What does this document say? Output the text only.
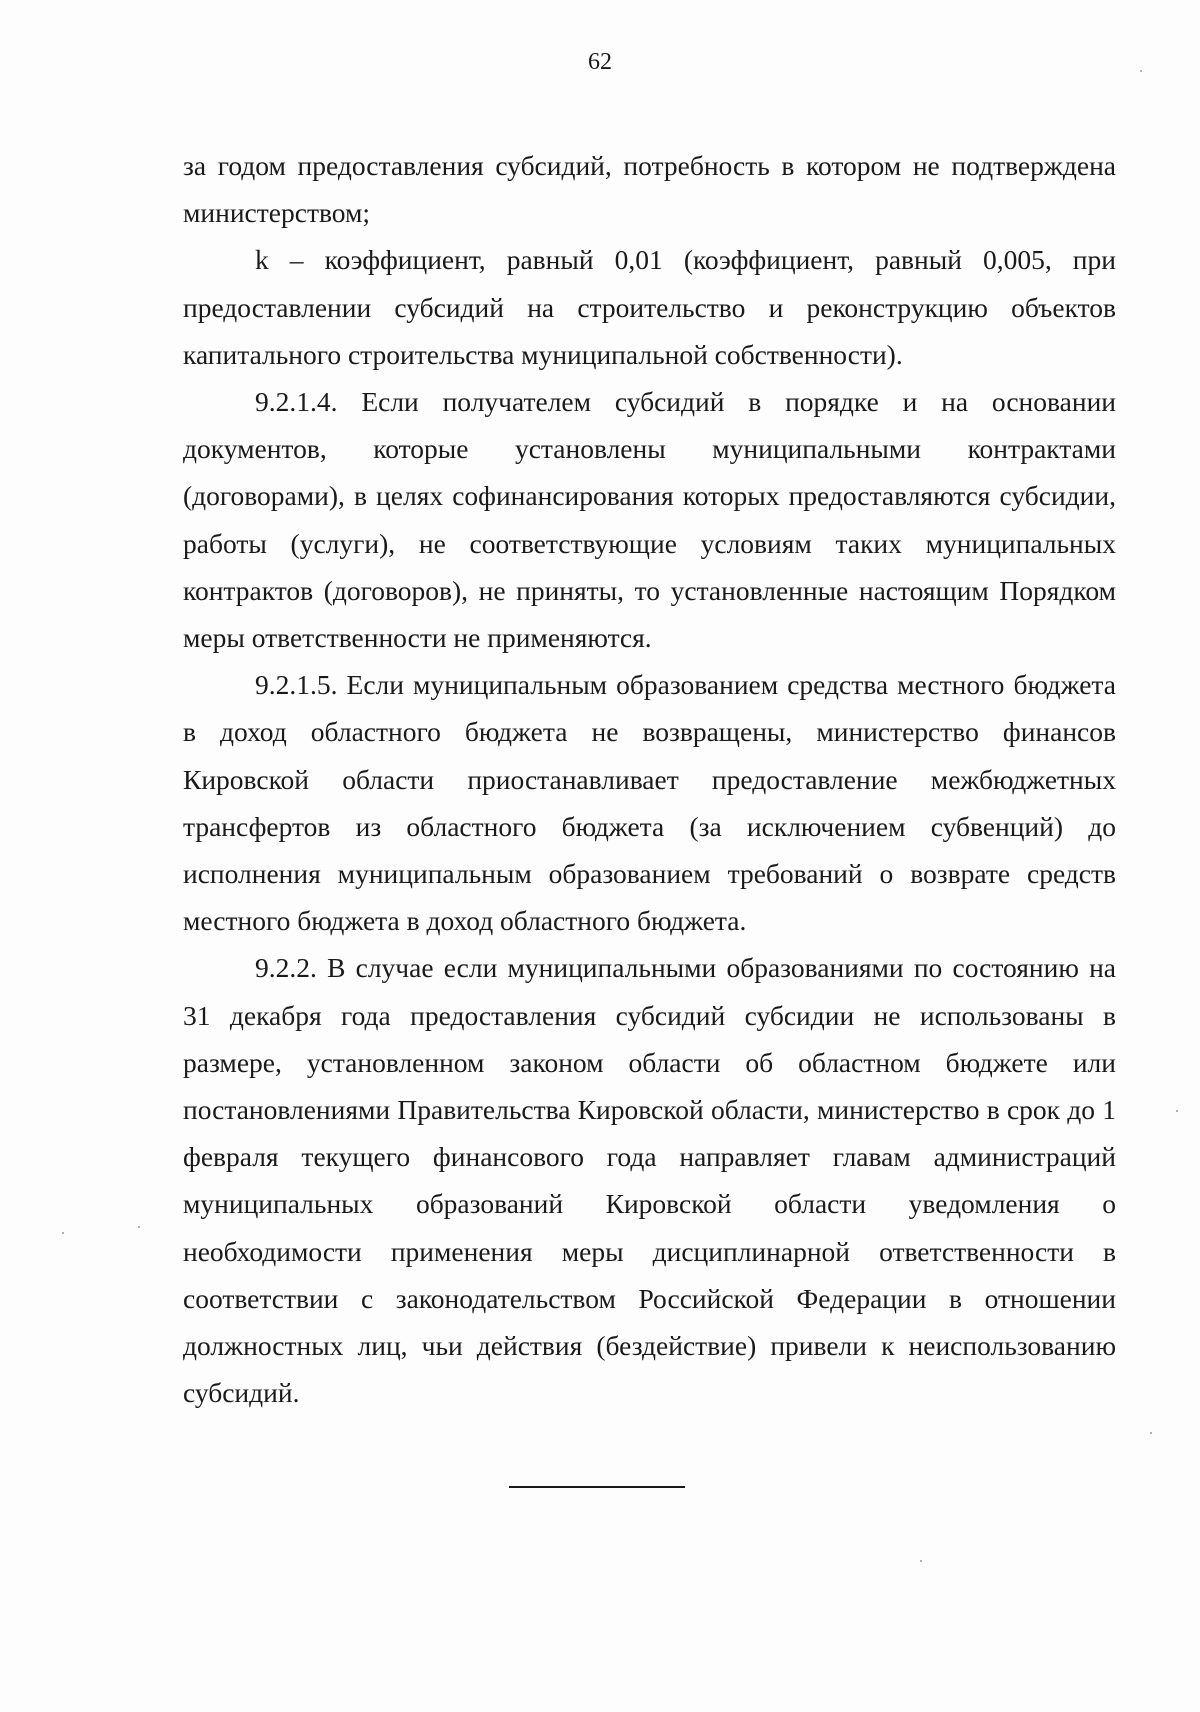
62

за годом предоставления субсидий, потребность в котором не подтверждена министерством;

k – коэффициент, равный 0,01 (коэффициент, равный 0,005, при предоставлении субсидий на строительство и реконструкцию объектов капитального строительства муниципальной собственности).

9.2.1.4. Если получателем субсидий в порядке и на основании документов, которые установлены муниципальными контрактами (договорами), в целях софинансирования которых предоставляются субсидии, работы (услуги), не соответствующие условиям таких муниципальных контрактов (договоров), не приняты, то установленные настоящим Порядком меры ответственности не применяются.

9.2.1.5. Если муниципальным образованием средства местного бюджета в доход областного бюджета не возвращены, министерство финансов Кировской области приостанавливает предоставление межбюджетных трансфертов из областного бюджета (за исключением субвенций) до исполнения муниципальным образованием требований о возврате средств местного бюджета в доход областного бюджета.

9.2.2. В случае если муниципальными образованиями по состоянию на 31 декабря года предоставления субсидий субсидии не использованы в размере, установленном законом области об областном бюджете или постановлениями Правительства Кировской области, министерство в срок до 1 февраля текущего финансового года направляет главам администраций муниципальных образований Кировской области уведомления о необходимости применения меры дисциплинарной ответственности в соответствии с законодательством Российской Федерации в отношении должностных лиц, чьи действия (бездействие) привели к неиспользованию субсидий.
